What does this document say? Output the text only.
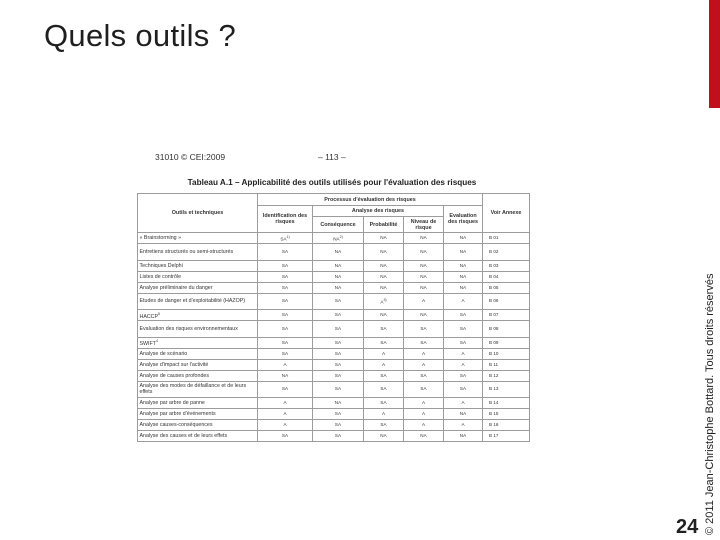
Quels outils ?
© 2011 Jean-Christophe Bottard. Tous droits réservés
24
31010 © CEI:2009	– 113 –
Tableau A.1 – Applicabilité des outils utilisés pour l'évaluation des risques
Outils et techniques	Processus d'évaluation des risques					Voir Annexe
	Identification des risques	Analyse des risques			Evaluation des risques	
		Conséquence	Probabilité	Niveau de risque		
« Brainstorming »	SA$^{1)}$	NA$^{2)}$	NA	NA	NA	B 01
Entretiens structurés ou semi-structurés	SA	NA	NA	NA	NA	B 02
Techniques Delphi	SA	NA	NA	NA	NA	B 03
Listes de contrôle	SA	NA	NA	NA	NA	B 04
Analyse préliminaire du danger	SA	NA	NA	NA	NA	B 05
Etudes de danger et d'exploitabilité (HAZOP)	SA	SA	A$^{3)}$	A	A	B 06
HACCP$^5$	SA	SA	NA	NA	SA	B 07
Evaluation des risques environnementaux	SA	SA	SA	SA	SA	B 08
SWIFT$^4$	SA	SA	SA	SA	SA	B 09
Analyse de scénario	SA	SA	A	A	A	B 10
Analyse d'impact sur l'activité	A	SA	A	A	A	B 11
Analyse de causes profondes	NA	SA	SA	SA	SA	B 12
Analyse des modes de défaillance et de leurs effets	SA	SA	SA	SA	SA	B 13
Analyse par arbre de panne	A	NA	SA	A	A	B 14
Analyse par arbre d'événements	A	SA	A	A	NA	B 15
Analyse causes-conséquences	A	SA	SA	A	A	B 16
Analyse des causes et de leurs effets	SA	SA	NA	NA	NA	B 17
